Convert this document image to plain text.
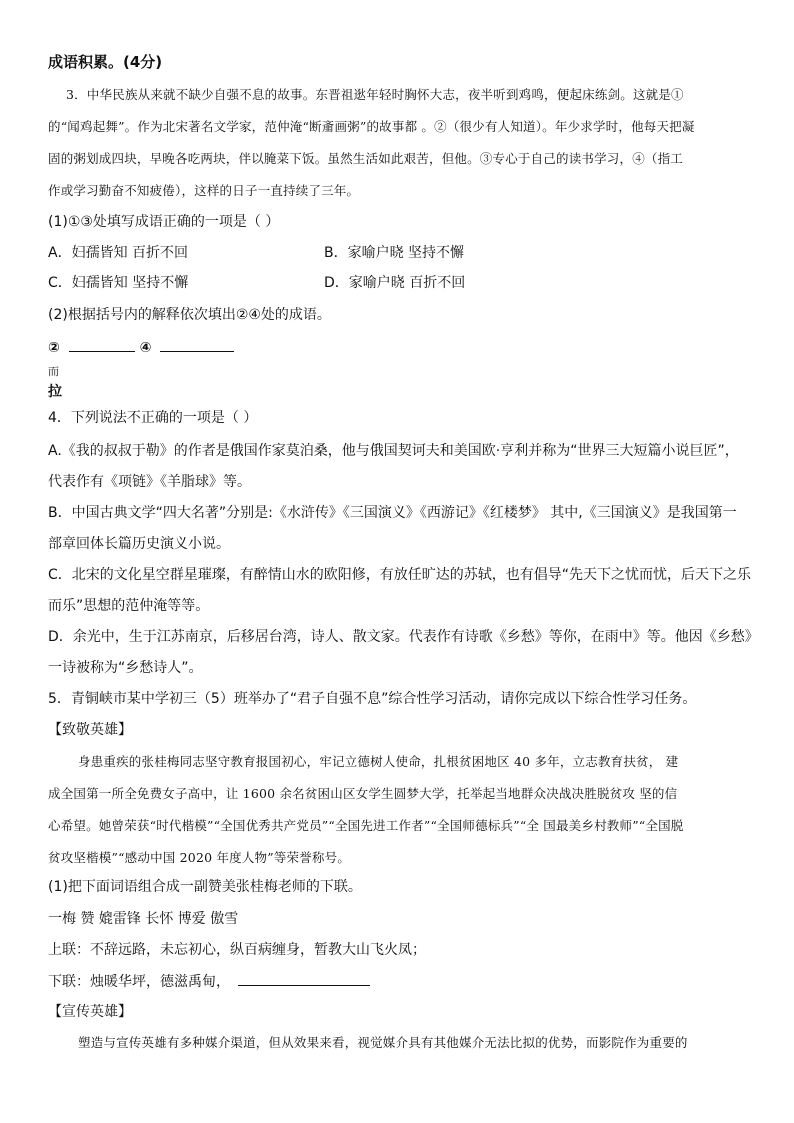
成语积累。(4分)
3．中华民族从来就不缺少自强不息的故事。东晋祖逖年轻时胸怀大志，夜半听到鸡鸣，便起床练剑。这就是①
的“闻鸡起舞”。作为北宋著名文学家，范仲淹“断齑画粥”的故事都 。②（很少有人知道）。年少求学时，他每天把凝
固的粥划成四块，早晚各吃两块，伴以腌菜下饭。虽然生活如此艰苦，但他。③专心于自己的读书学习，④（指工
作或学习勤奋不知疲倦），这样的日子一直持续了三年。
(1)①③处填写成语正确的一项是（ ）
A．妇孺皆知 百折不回	B．家喻户晓 坚持不懈
C．妇孺皆知 坚持不懈	D．家喻户晓 百折不回
(2)根据括号内的解释依次填出②④处的成语。
②	④
而
拉
4．下列说法不正确的一项是（ ）
A.《我的叔叔于勒》的作者是俄国作家莫泊桑，他与俄国契诃夫和美国欧·亨利并称为“世界三大短篇小说巨匠”，
代表作有《项链》《羊脂球》等。
B．中国古典文学“四大名著”分别是:《水浒传》《三国演义》《西游记》《红楼梦》 其中,《三国演义》是我国第一
部章回体长篇历史演义小说。
C．北宋的文化星空群星璀璨，有醉情山水的欧阳修，有放任旷达的苏轼，也有倡导“先天下之忧而忧，后天下之乐
而乐”思想的范仲淹等等。
D．余光中，生于江苏南京，后移居台湾，诗人、散文家。代表作有诗歌《乡愁》等你，在雨中》等。他因《乡愁》
一诗被称为“乡愁诗人”。
5．青铜峡市某中学初三（5）班举办了“君子自强不息”综合性学习活动，请你完成以下综合性学习任务。
【致敬英雄】
身患重疾的张桂梅同志坚守教育报国初心，牢记立德树人使命，扎根贫困地区 40 多年，立志教育扶贫， 建
成全国第一所全免费女子高中，让 1600 余名贫困山区女学生圆梦大学，托举起当地群众决战决胜脱贫攻 坚的信
心希望。她曾荣获“时代楷模”“全国优秀共产党员”“全国先进工作者”“全国师德标兵”“全 国最美乡村教师”“全国脱
贫攻坚楷模”“感动中国 2020 年度人物”等荣誉称号。
(1)把下面词语组合成一副赞美张桂梅老师的下联。
一梅 赞 媲雷锋 长怀 博爱 傲雪
上联：不辞远路，未忘初心，纵百病缠身，暂教大山飞火凤；
下联：烛暖华坪，德滋禹甸，
【宣传英雄】
塑造与宣传英雄有多种媒介渠道，但从效果来看，视觉媒介具有其他媒介无法比拟的优势，而影院作为重要的
